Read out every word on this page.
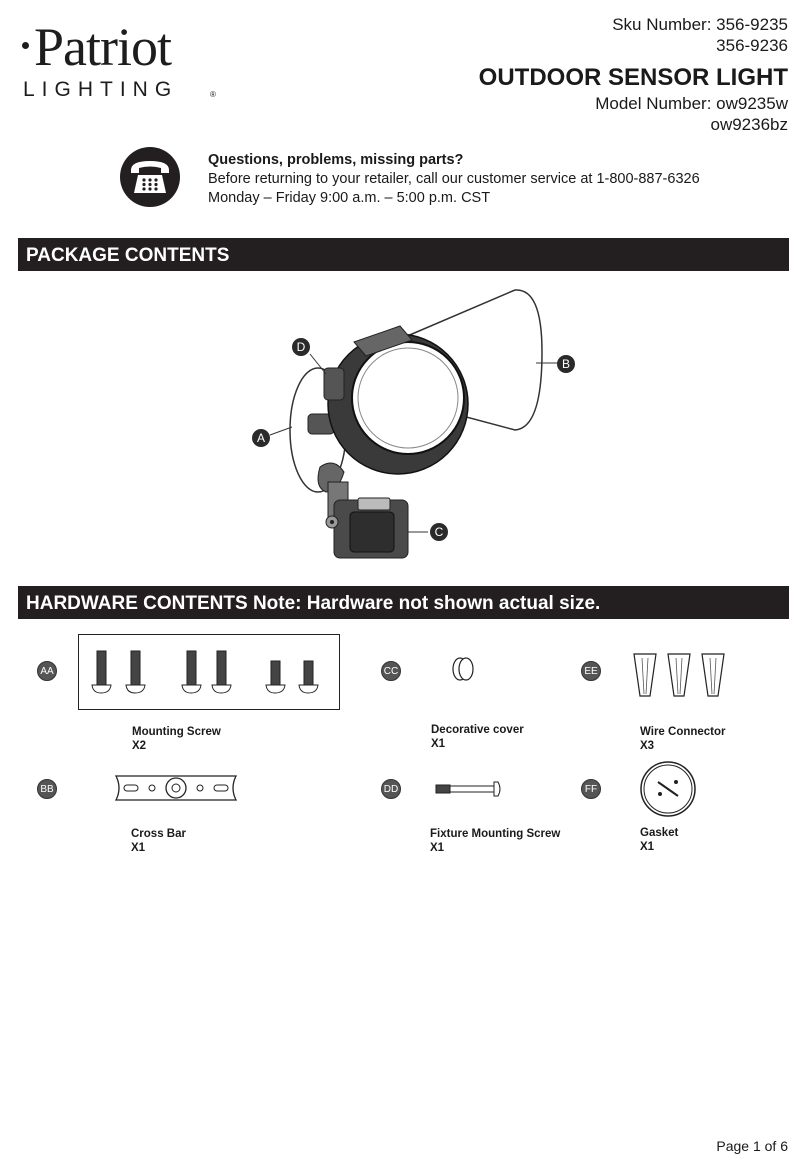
Patriot
LIGHTING	®
Sku Number: 356-9235
356-9236
OUTDOOR SENSOR LIGHT
Model Number: ow9235w
ow9236bz
Questions, problems, missing parts?
Before returning to your retailer, call our customer service at 1-800-887-6326
Monday – Friday 9:00 a.m. – 5:00 p.m. CST
PACKAGE CONTENTS
A
B
C
D
HARDWARE CONTENTS Note: Hardware not shown actual size.
AA
Mounting Screw
X2
CC
Decorative cover
X1
EE
Wire Connector
X3
BB
Cross Bar
X1
DD
Fixture Mounting Screw
X1
FF
Gasket
X1
Page 1 of 6
